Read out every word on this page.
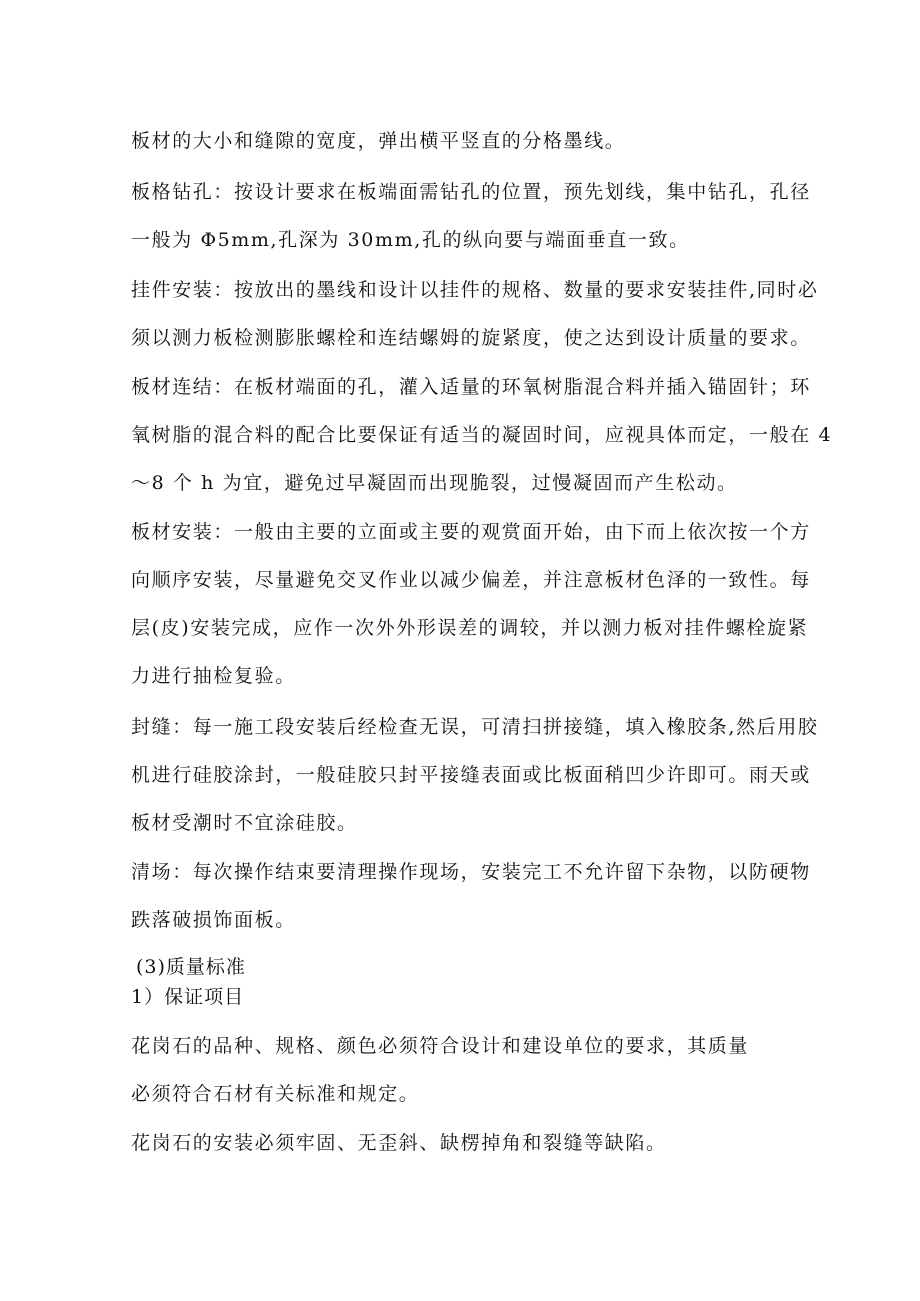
板材的大小和缝隙的宽度，弹出横平竖直的分格墨线。
板格钻孔：按设计要求在板端面需钻孔的位置，预先划线，集中钻孔，孔径
一般为 Φ5mm,孔深为 30mm,孔的纵向要与端面垂直一致。
挂件安装：按放出的墨线和设计以挂件的规格、数量的要求安装挂件,同时必
须以测力板检测膨胀螺栓和连结螺姆的旋紧度，使之达到设计质量的要求。
板材连结：在板材端面的孔，灌入适量的环氧树脂混合料并插入锚固针；环
氧树脂的混合料的配合比要保证有适当的凝固时间，应视具体而定，一般在 4
～8 个 h 为宜，避免过早凝固而出现脆裂，过慢凝固而产生松动。
板材安装：一般由主要的立面或主要的观赏面开始，由下而上依次按一个方
向顺序安装，尽量避免交叉作业以减少偏差，并注意板材色泽的一致性。每
层(皮)安装完成，应作一次外外形误差的调较，并以测力板对挂件螺栓旋紧
力进行抽检复验。
封缝：每一施工段安装后经检查无误，可清扫拼接缝，填入橡胶条,然后用胶
机进行硅胶涂封，一般硅胶只封平接缝表面或比板面稍凹少许即可。雨天或
板材受潮时不宜涂硅胶。
清场：每次操作结束要清理操作现场，安装完工不允许留下杂物，以防硬物
跌落破损饰面板。
(3)质量标准
1）保证项目
花岗石的品种、规格、颜色必须符合设计和建设单位的要求，其质量
必须符合石材有关标准和规定。
花岗石的安装必须牢固、无歪斜、缺楞掉角和裂缝等缺陷。
